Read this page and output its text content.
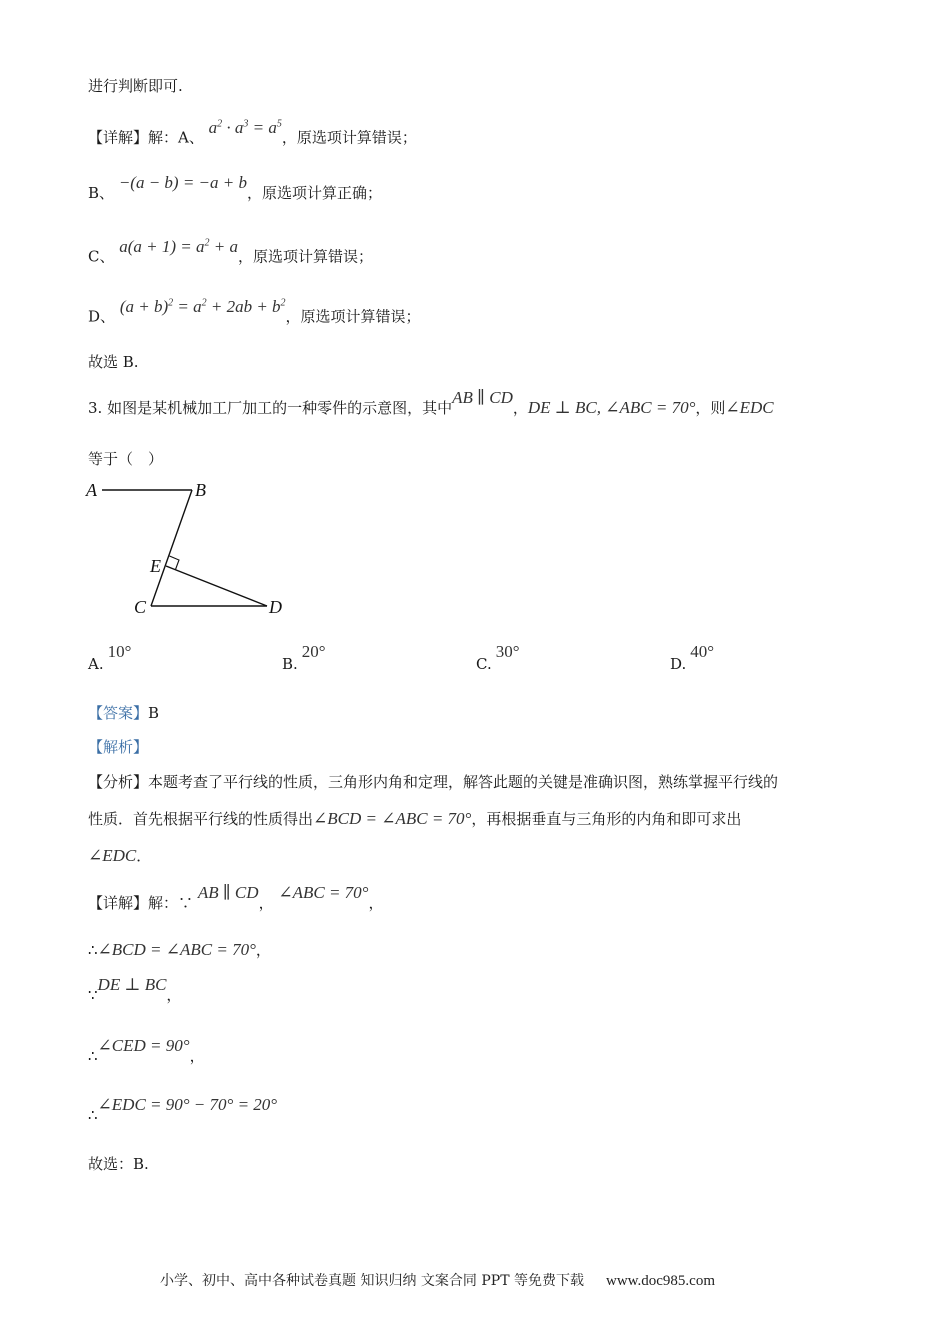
进行判断即可.
【详解】解：A、 $a^2 \cdot a^3 = a^5$，原选项计算错误；
B、 −(a − b) = −a + b，原选项计算正确；
C、 $a(a + 1) = a^2 + a$，原选项计算错误；
D、 $(a + b)^2 = a^2 + 2ab + b^2$，原选项计算错误；
故选 B.
3. 如图是某机械加工厂加工的一种零件的示意图，其中AB ∥ CD，DE ⊥ BC, ∠ABC = 70°，则∠EDC
等于（　）
A	B
E
C	D
A.10°
B.20°
C.30°
D.40°
【答案】B
【解析】
【分析】本题考查了平行线的性质，三角形内角和定理，解答此题的关键是准确识图，熟练掌握平行线的
性质．首先根据平行线的性质得出∠BCD = ∠ABC = 70°，再根据垂直与三角形的内角和即可求出
∠EDC．
【详解】解：∵ AB ∥ CD， ∠ABC = 70°，
∴∠BCD = ∠ABC = 70°，
∵DE ⊥ BC，
∴∠CED = 90°，
∴∠EDC = 90° − 70° = 20°
故选：B.
小学、初中、高中各种试卷真题 知识归纳 文案合同 PPT 等免费下载 www.doc985.com
